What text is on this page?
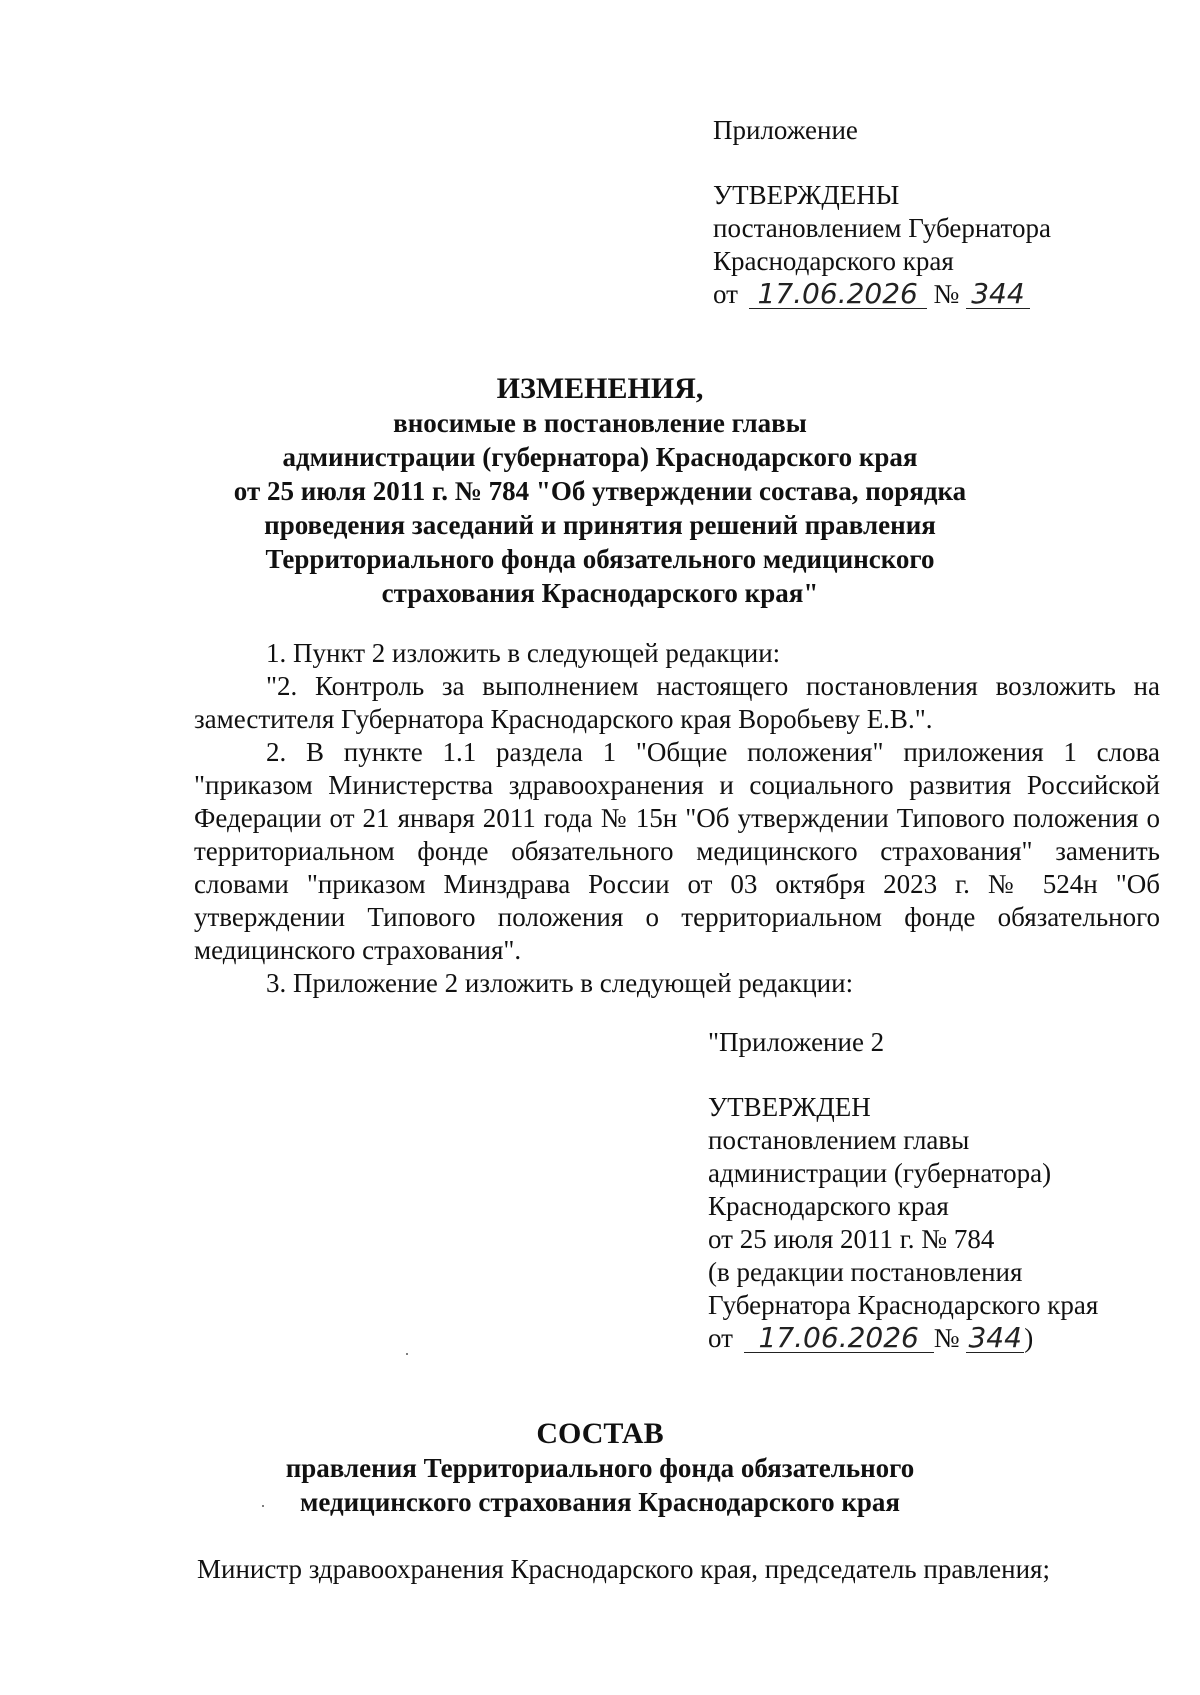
Приложение
УТВЕРЖДЕНЫ
постановлением Губернатора
Краснодарского края
от 17.06.2026 № 344
ИЗМЕНЕНИЯ,
вносимые в постановление главы
администрации (губернатора) Краснодарского края
от 25 июля 2011 г. № 784 "Об утверждении состава, порядка
проведения заседаний и принятия решений правления
Территориального фонда обязательного медицинского
страхования Краснодарского края"

1. Пункт 2 изложить в следующей редакции:

"2. Контроль за выполнением настоящего постановления возложить на

заместителя Губернатора Краснодарского края Воробьеву Е.В.".

2. В пункте 1.1 раздела 1 "Общие положения" приложения 1 слова

"приказом Министерства здравоохранения и социального развития Российской Федерации от 21 января 2011 года № 15н "Об утверждении Типового положения о территориальном фонде обязательного медицинского страхования" заменить словами "приказом Минздрава России от 03 октября 2023 г. № 524н "Об утверждении Типового положения о территориальном фонде обязательного медицинского страхования".

3. Приложение 2 изложить в следующей редакции:

"Приложение 2
УТВЕРЖДЕН
постановлением главы
администрации (губернатора)
Краснодарского края
от 25 июля 2011 г. № 784
(в редакции постановления
Губернатора Краснодарского края
от 17.06.2026 № 344)
СОСТАВ
правления Территориального фонда обязательного
медицинского страхования Краснодарского края
Министр здравоохранения Краснодарского края, председатель правления;
